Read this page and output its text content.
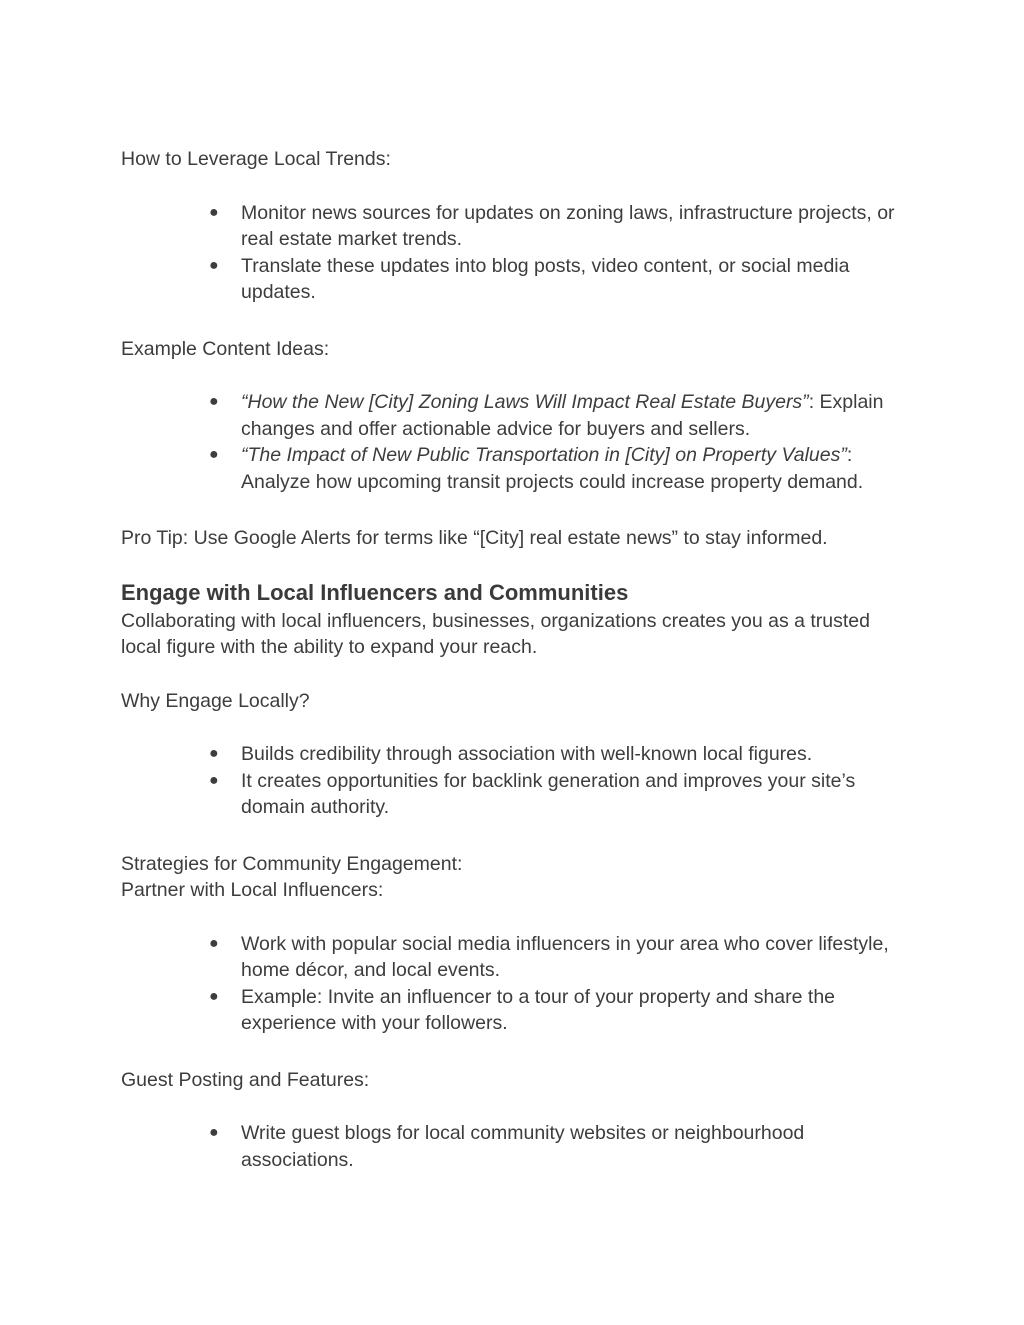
How to Leverage Local Trends:

● Monitor news sources for updates on zoning laws, infrastructure projects, or real estate market trends.
● Translate these updates into blog posts, video content, or social media updates.

Example Content Ideas:

● “How the New [City] Zoning Laws Will Impact Real Estate Buyers”: Explain changes and offer actionable advice for buyers and sellers.
● “The Impact of New Public Transportation in [City] on Property Values”: Analyze how upcoming transit projects could increase property demand.

Pro Tip: Use Google Alerts for terms like “[City] real estate news” to stay informed.

Engage with Local Influencers and Communities

Collaborating with local influencers, businesses, organizations creates you as a trusted local figure with the ability to expand your reach.

Why Engage Locally?

● Builds credibility through association with well-known local figures.
● It creates opportunities for backlink generation and improves your site’s domain authority.

Strategies for Community Engagement:

Partner with Local Influencers:

● Work with popular social media influencers in your area who cover lifestyle, home décor, and local events.
● Example: Invite an influencer to a tour of your property and share the experience with your followers.

Guest Posting and Features:

● Write guest blogs for local community websites or neighbourhood associations.
